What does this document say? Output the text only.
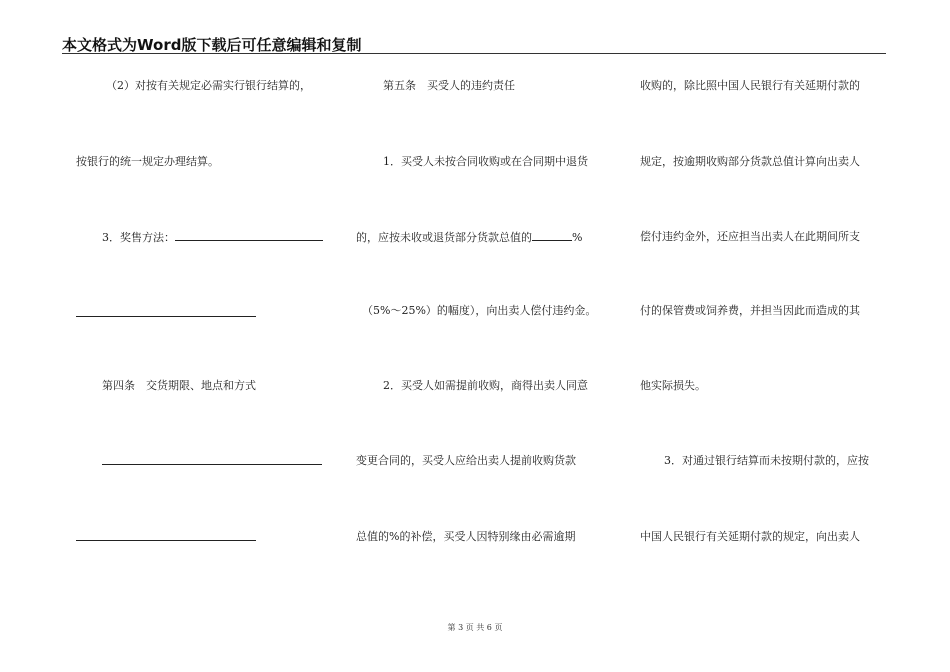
本文格式为Word版下载后可任意编辑和复制
（2）对按有关规定必需实行银行结算的，
按银行的统一规定办理结算。
3．奖售方法：
第四条　交货期限、地点和方式
第五条　买受人的违约责任
1．买受人未按合同收购或在合同期中退货
的，应按未收或退货部分货款总值的	%
（5%～25%）的幅度），向出卖人偿付违约金。
2．买受人如需提前收购，商得出卖人同意
变更合同的，买受人应给出卖人提前收购货款
总值的%的补偿，买受人因特别缘由必需逾期
收购的，除比照中国人民银行有关延期付款的
规定，按逾期收购部分货款总值计算向出卖人
偿付违约金外，还应担当出卖人在此期间所支
付的保管费或饲养费，并担当因此而造成的其
他实际损失。
3．对通过银行结算而未按期付款的，应按
中国人民银行有关延期付款的规定，向出卖人
第 3 页 共 6 页
